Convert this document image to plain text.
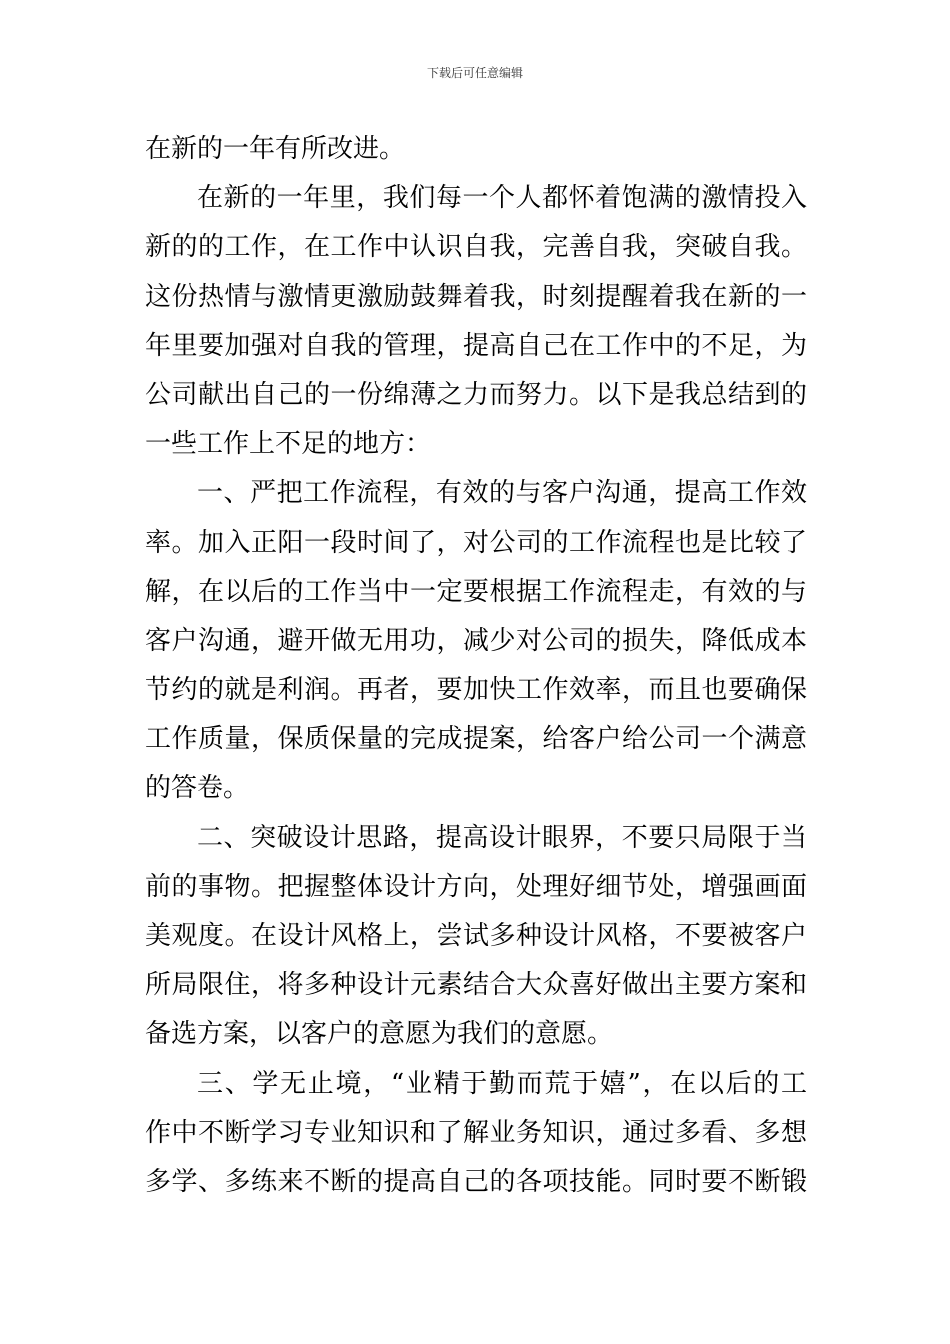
下载后可任意编辑
在新的一年有所改进。
在新的一年里，我们每一个人都怀着饱满的激情投入
新的的工作，在工作中认识自我，完善自我，突破自我。
这份热情与激情更激励鼓舞着我，时刻提醒着我在新的一
年里要加强对自我的管理，提高自己在工作中的不足，为
公司献出自己的一份绵薄之力而努力。以下是我总结到的
一些工作上不足的地方：
一、严把工作流程，有效的与客户沟通，提高工作效
率。加入正阳一段时间了，对公司的工作流程也是比较了
解，在以后的工作当中一定要根据工作流程走，有效的与
客户沟通，避开做无用功，减少对公司的损失，降低成本
节约的就是利润。再者，要加快工作效率，而且也要确保
工作质量，保质保量的完成提案，给客户给公司一个满意
的答卷。
二、突破设计思路，提高设计眼界，不要只局限于当
前的事物。把握整体设计方向，处理好细节处，增强画面
美观度。在设计风格上，尝试多种设计风格，不要被客户
所局限住，将多种设计元素结合大众喜好做出主要方案和
备选方案，以客户的意愿为我们的意愿。
三、学无止境，“业精于勤而荒于嬉”，在以后的工
作中不断学习专业知识和了解业务知识，通过多看、多想
多学、多练来不断的提高自己的各项技能。同时要不断锻
